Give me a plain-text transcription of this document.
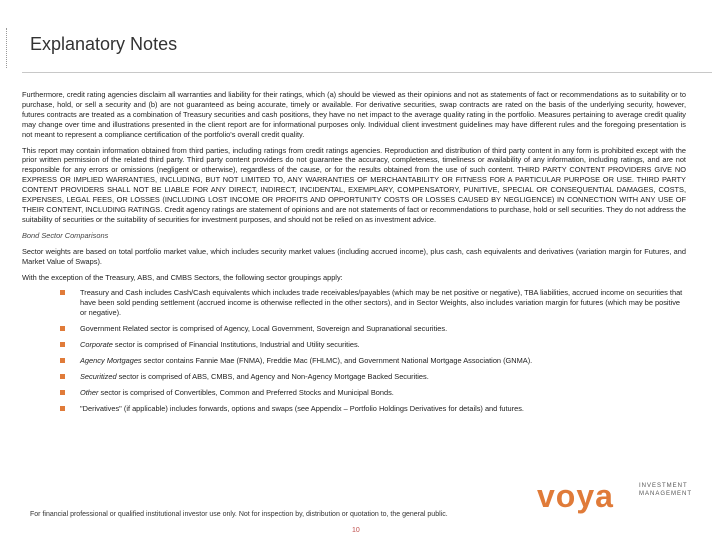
Explanatory Notes

Furthermore, credit rating agencies disclaim all warranties and liability for their ratings, which (a) should be viewed as their opinions and not as statements of fact or recommendations as to suitability or to purchase, hold, or sell a security and (b) are not guaranteed as being accurate, timely or available. For derivative securities, swap contracts are rated on the basis of the underlying security, however, futures contracts are treated as a combination of Treasury securities and cash positions, they have no net impact to the average quality rating in the portfolio. Measures pertaining to average credit quality may change over time and illustrations presented in the client report are for informational purposes only. Individual client investment guidelines may have different rules and the foregoing presentation is not meant to represent a compliance certification of the portfolio's overall credit quality.

This report may contain information obtained from third parties, including ratings from credit ratings agencies. Reproduction and distribution of third party content in any form is prohibited except with the prior written permission of the related third party. Third party content providers do not guarantee the accuracy, completeness, timeliness or availability of any information, including ratings, and are not responsible for any errors or omissions (negligent or otherwise), regardless of the cause, or for the results obtained from the use of such content. THIRD PARTY CONTENT PROVIDERS GIVE NO EXPRESS OR IMPLIED WARRANTIES, INCLUDING, BUT NOT LIMITED TO, ANY WARRANTIES OF MERCHANTABILITY OR FITNESS FOR A PARTICULAR PURPOSE OR USE. THIRD PARTY CONTENT PROVIDERS SHALL NOT BE LIABLE FOR ANY DIRECT, INDIRECT, INCIDENTAL, EXEMPLARY, COMPENSATORY, PUNITIVE, SPECIAL OR CONSEQUENTIAL DAMAGES, COSTS, EXPENSES, LEGAL FEES, OR LOSSES (INCLUDING LOST INCOME OR PROFITS AND OPPORTUNITY COSTS OR LOSSES CAUSED BY NEGLIGENCE) IN CONNECTION WITH ANY USE OF THEIR CONTENT, INCLUDING RATINGS. Credit agency ratings are statement of opinions and are not statements of fact or recommendations to purchase, hold or sell securities. They do not address the suitability of securities or the suitability of securities for investment purposes, and should not be relied on as investment advice.

Bond Sector Comparisons

Sector weights are based on total portfolio market value, which includes security market values (including accrued income), plus cash, cash equivalents and derivatives (variation margin for Futures, and Market Value of Swaps).

With the exception of the Treasury, ABS, and CMBS Sectors, the following sector groupings apply:

Treasury and Cash includes Cash/Cash equivalents which includes trade receivables/payables (which may be net positive or negative), TBA liabilities, accrued income on securities that have been sold pending settlement (accrued income is otherwise reflected in the other sectors), and in Sector Weights, also includes variation margin for futures (which may be positive or negative).
Government Related sector is comprised of Agency, Local Government, Sovereign and Supranational securities.
Corporate sector is comprised of Financial Institutions, Industrial and Utility securities.
Agency Mortgages sector contains Fannie Mae (FNMA), Freddie Mac (FHLMC), and Government National Mortgage Association (GNMA).
Securitized sector is comprised of ABS, CMBS, and Agency and Non-Agency Mortgage Backed Securities.
Other sector is comprised of Convertibles, Common and Preferred Stocks and Municipal Bonds.
"Derivatives" (if applicable) includes forwards, options and swaps (see Appendix – Portfolio Holdings Derivatives for details) and futures.
voya	INVESTMENT
MANAGEMENT
For financial professional or qualified institutional investor use only. Not for inspection by, distribution or quotation to, the general public.
10
